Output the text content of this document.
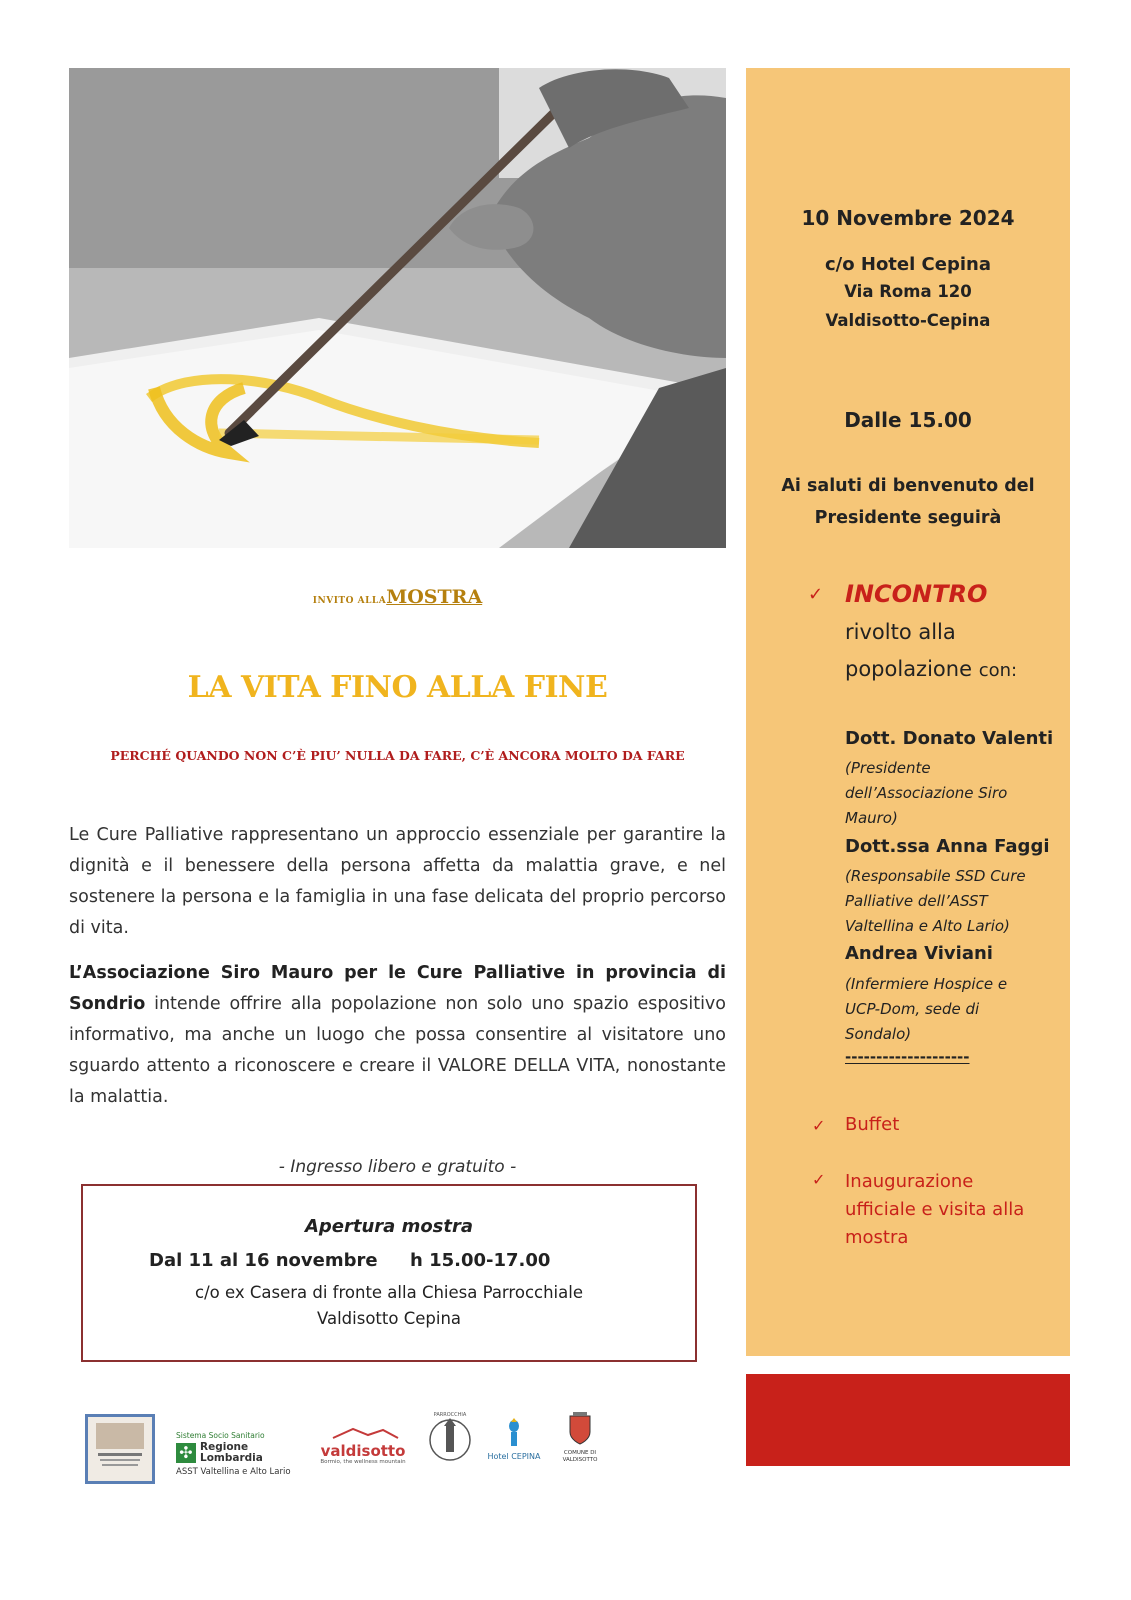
10 Novembre 2024
c/o Hotel Cepina
Via Roma 120
Valdisotto-Cepina
Dalle 15.00
Ai saluti di benvenuto del
Presidente seguirà
✓ INCONTRO
rivolto alla
popolazione con:
Dott. Donato Valenti
(Presidente
dell’Associazione Siro
Mauro)
Dott.ssa Anna Faggi
(Responsabile SSD Cure
Palliative dell’ASST
Valtellina e Alto Lario)
Andrea Viviani
(Infermiere Hospice e
UCP-Dom, sede di
Sondalo)
--------------------
✓ Buffet
✓ Inaugurazione
ufficiale e visita alla
mostra
INVITO ALLAMOSTRA
LA VITA FINO ALLA FINE
PERCHÉ QUANDO NON C’È PIU’ NULLA DA FARE, C’È ANCORA MOLTO DA FARE
Le Cure Palliative rappresentano un approccio essenziale per garantire la dignità e il benessere della persona affetta da malattia grave, e nel sostenere la persona e la famiglia in una fase delicata del proprio percorso di vita.
L’Associazione Siro Mauro per le Cure Palliative in provincia di Sondrio intende offrire alla popolazione non solo uno spazio espositivo informativo, ma anche un luogo che possa consentire al visitatore uno sguardo attento a riconoscere e creare il VALORE DELLA VITA, nonostante la malattia.
- Ingresso libero e gratuito -
Apertura mostra
Dal 11 al 16 novembre h 15.00-17.00
c/o ex Casera di fronte alla Chiesa Parrocchiale
Valdisotto Cepina
Sistema Socio Sanitario
✣ Regione
Lombardia
ASST Valtellina e Alto Lario
valdisotto
Bormio, the wellness mountain
PARROCCHIA
Hotel CEPINA	COMUNE DI
VALDISOTTO
